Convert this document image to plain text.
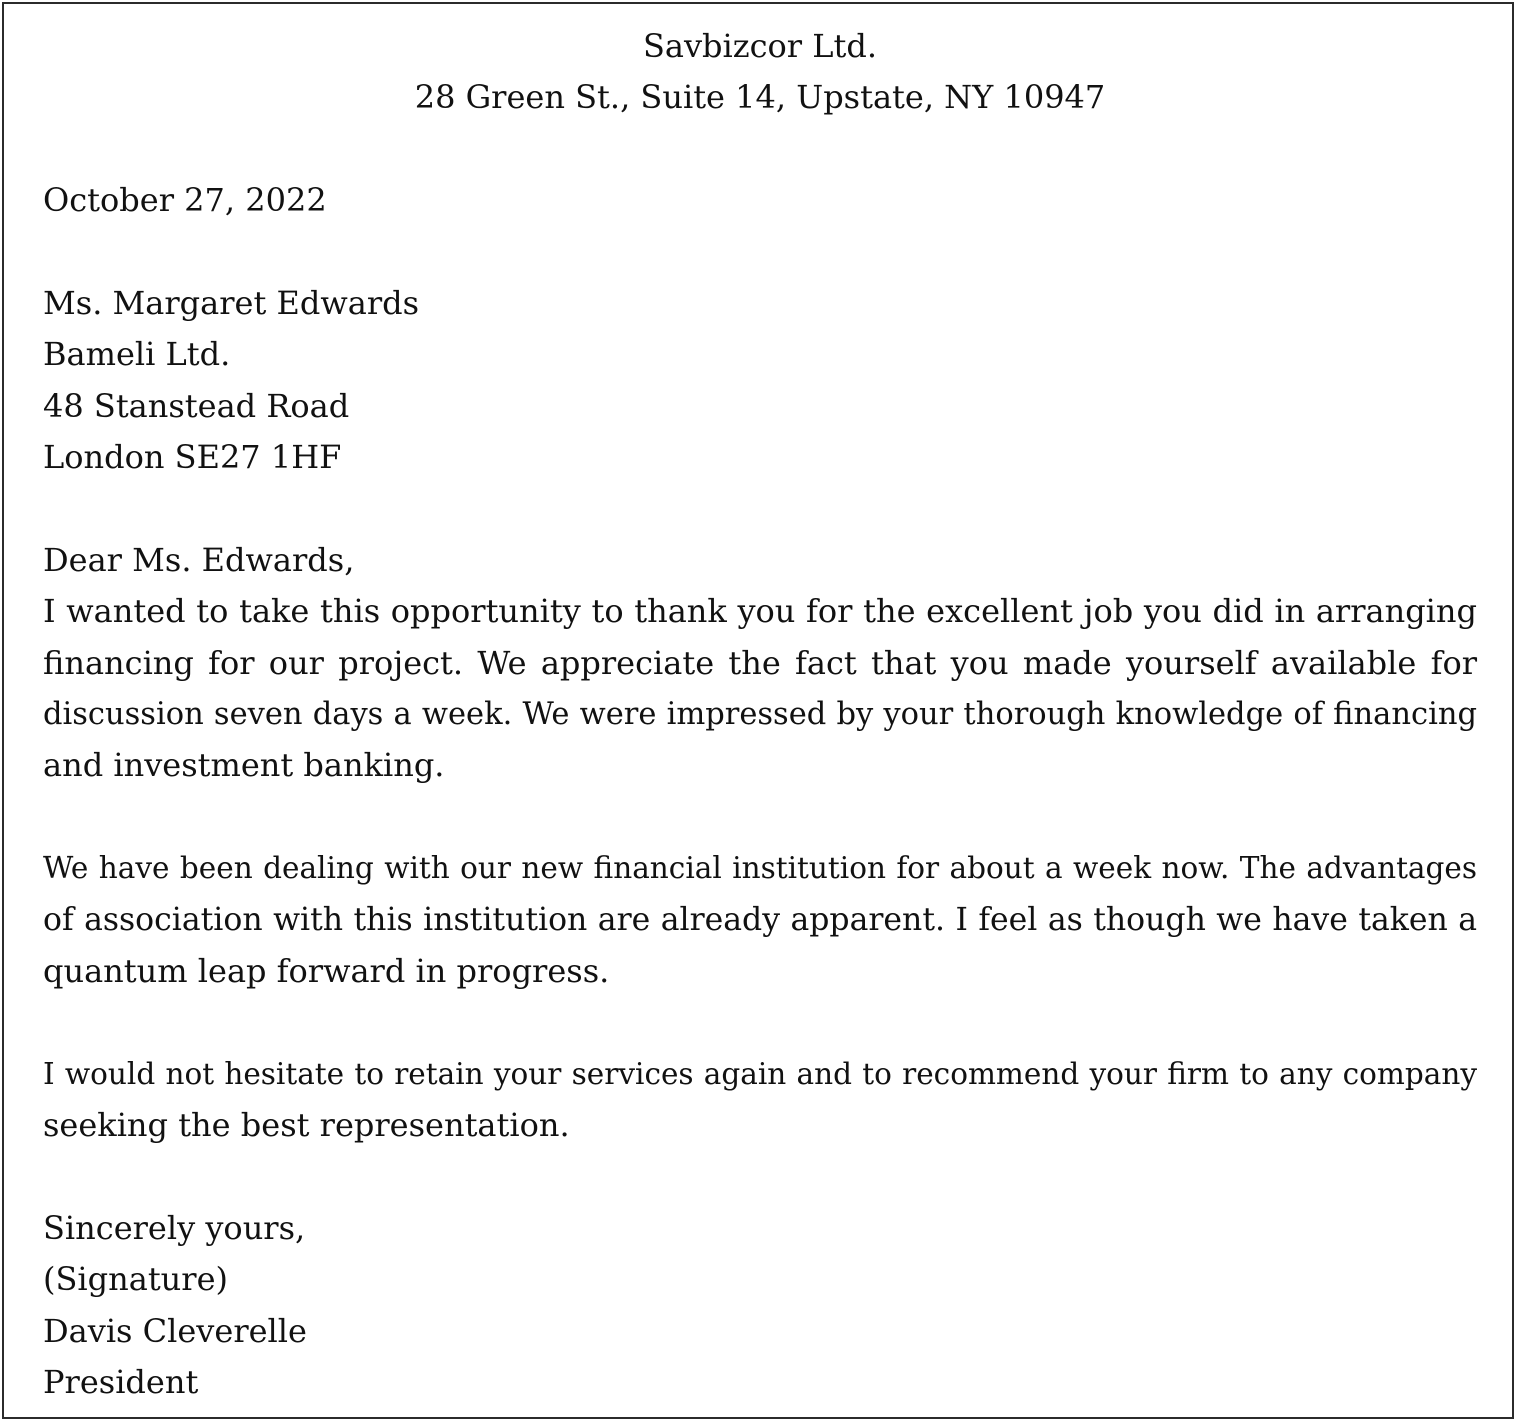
Savbizcor Ltd.
28 Green St., Suite 14, Upstate, NY 10947
October 27, 2022
Ms. Margaret Edwards
Bameli Ltd.
48 Stanstead Road
London SE27 1HF
Dear Ms. Edwards,
I wanted to take this opportunity to thank you for the excellent job you did in arranging
financing for our project. We appreciate the fact that you made yourself available for
discussion seven days a week. We were impressed by your thorough knowledge of financing
and investment banking.
We have been dealing with our new financial institution for about a week now. The advantages
of association with this institution are already apparent. I feel as though we have taken a
quantum leap forward in progress.
I would not hesitate to retain your services again and to recommend your firm to any company
seeking the best representation.
Sincerely yours,
(Signature)
Davis Cleverelle
President
